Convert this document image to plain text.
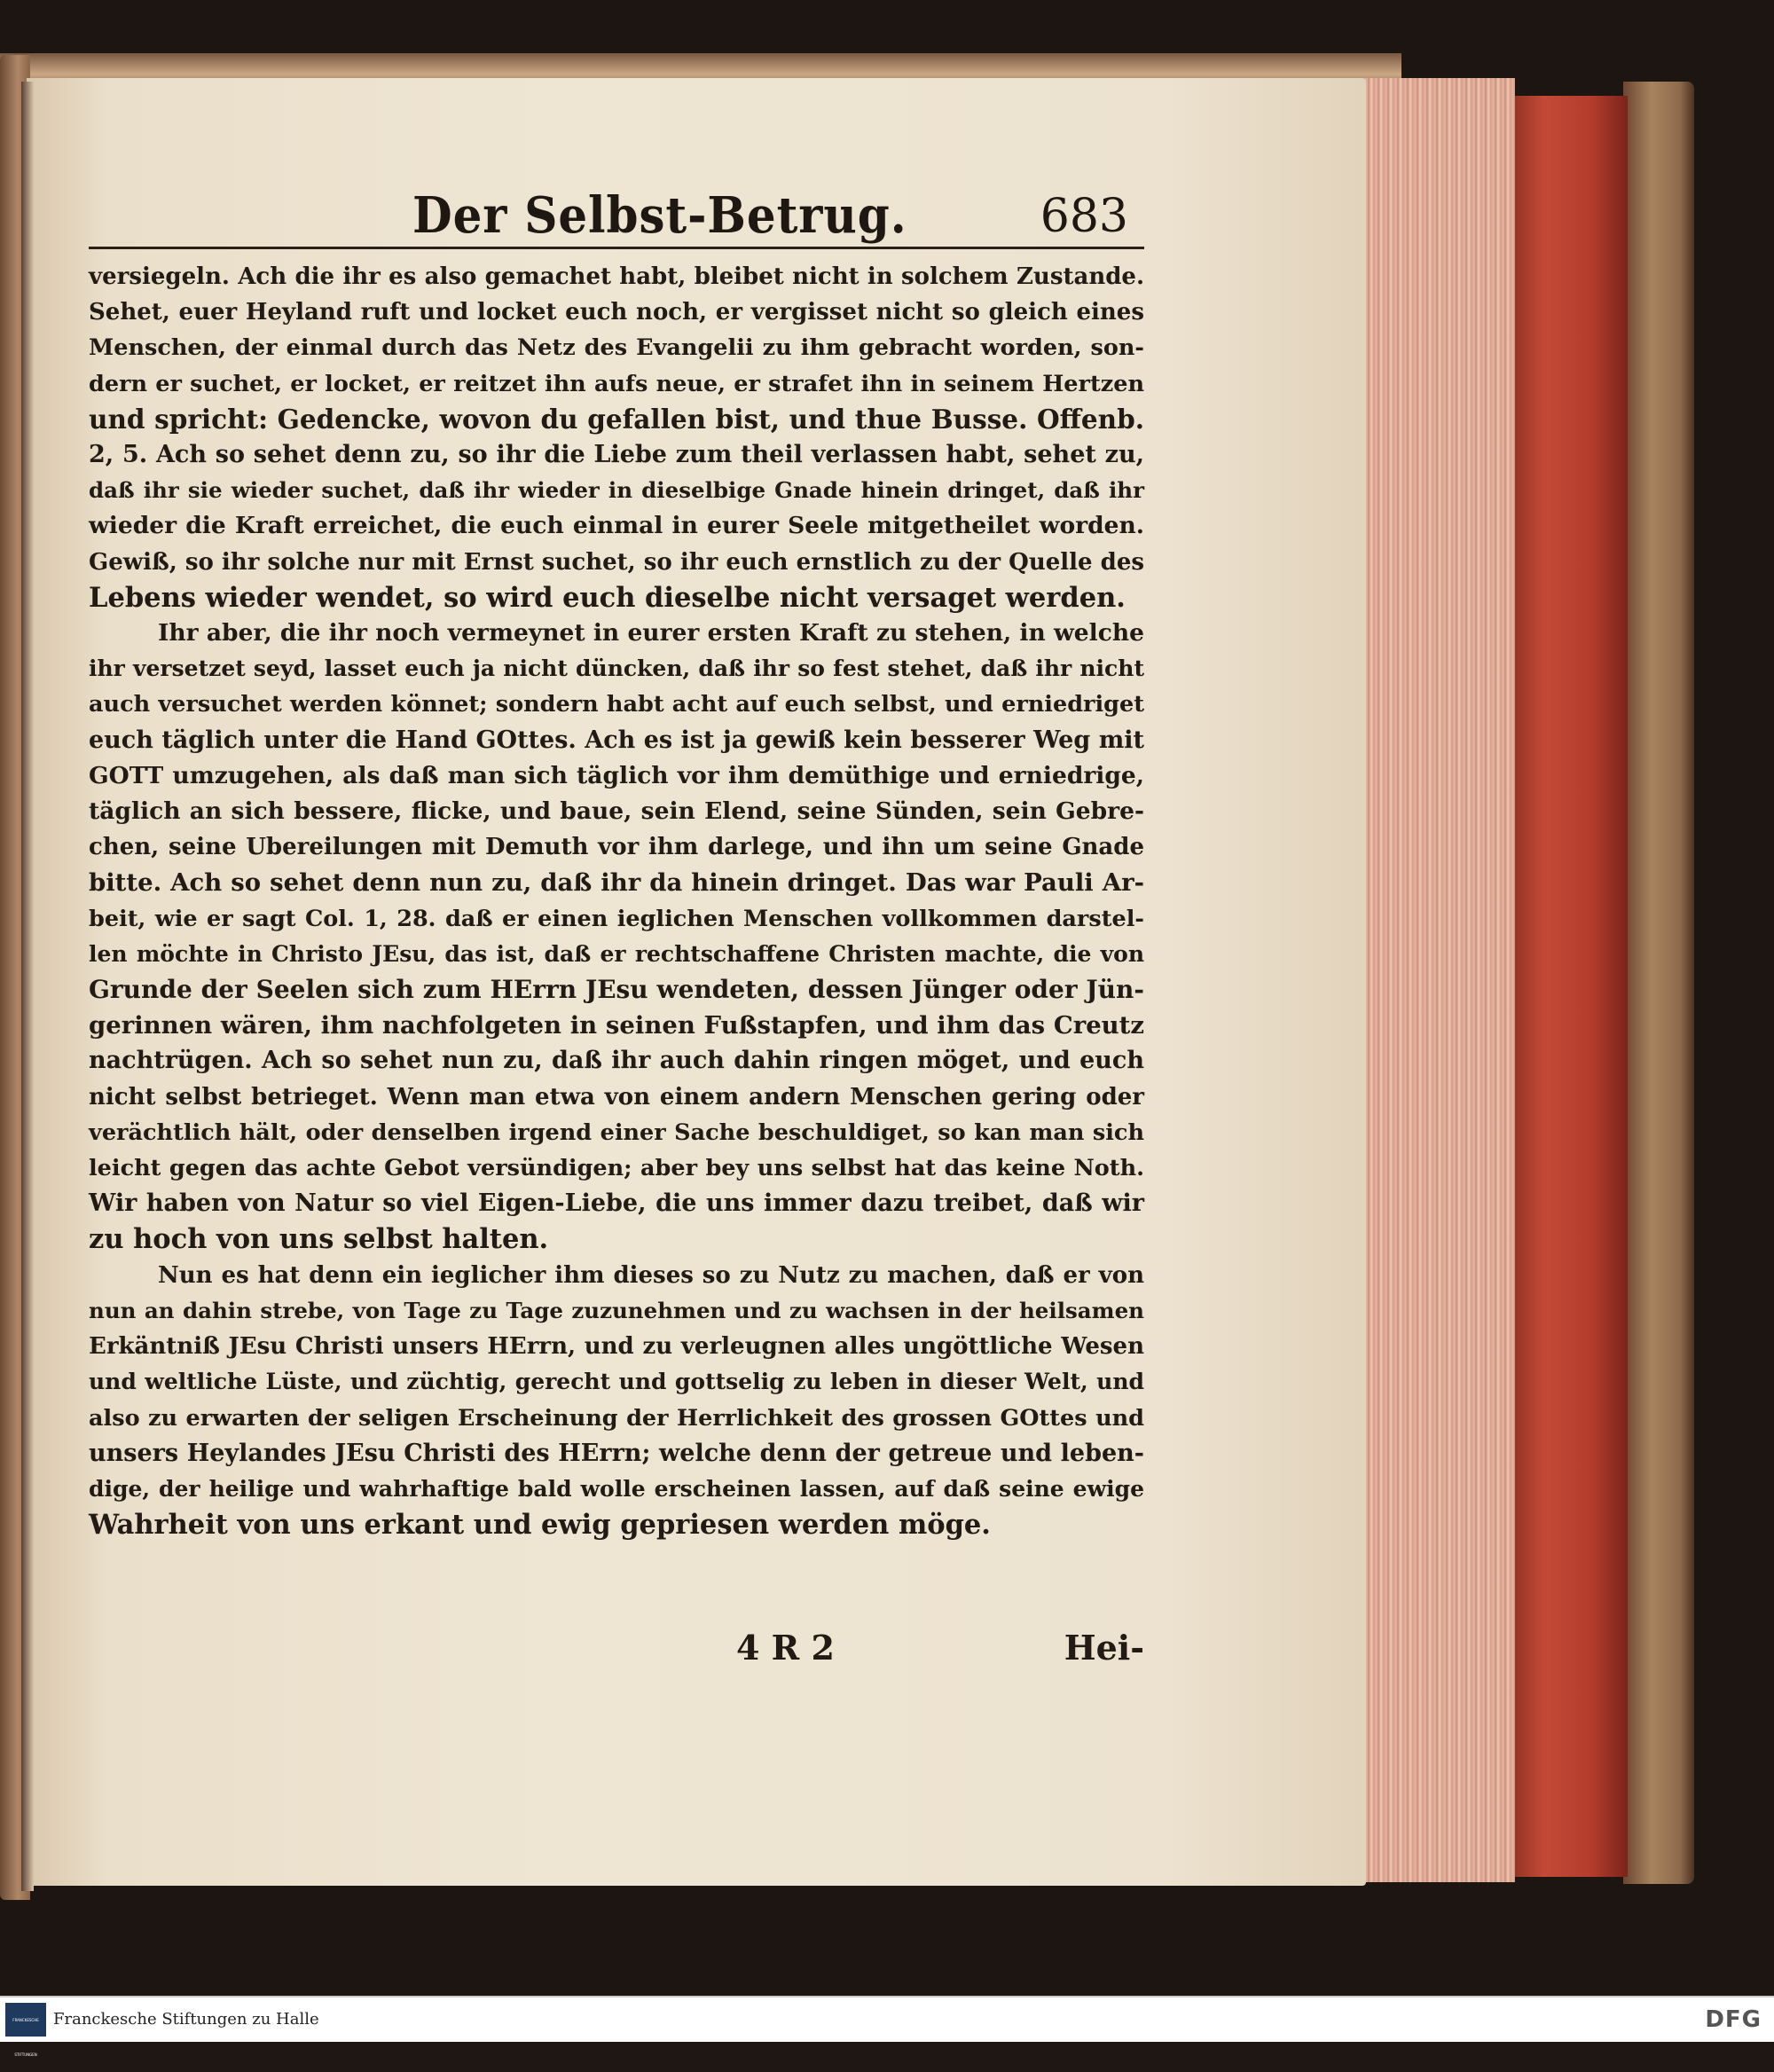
Der Selbst-Betrug.	683
versiegeln. Ach die ihr es also gemachet habt, bleibet nicht in solchem Zustande.
Sehet, euer Heyland ruft und locket euch noch, er vergisset nicht so gleich eines
Menschen, der einmal durch das Netz des Evangelii zu ihm gebracht worden, son-
dern er suchet, er locket, er reitzet ihn aufs neue, er strafet ihn in seinem Hertzen
und spricht: Gedencke, wovon du gefallen bist, und thue Busse. Offenb.
2, 5. Ach so sehet denn zu, so ihr die Liebe zum theil verlassen habt, sehet zu,
daß ihr sie wieder suchet, daß ihr wieder in dieselbige Gnade hinein dringet, daß ihr
wieder die Kraft erreichet, die euch einmal in eurer Seele mitgetheilet worden.
Gewiß, so ihr solche nur mit Ernst suchet, so ihr euch ernstlich zu der Quelle des
Lebens wieder wendet, so wird euch dieselbe nicht versaget werden.
Ihr aber, die ihr noch vermeynet in eurer ersten Kraft zu stehen, in welche
ihr versetzet seyd, lasset euch ja nicht düncken, daß ihr so fest stehet, daß ihr nicht
auch versuchet werden könnet; sondern habt acht auf euch selbst, und erniedriget
euch täglich unter die Hand GOttes. Ach es ist ja gewiß kein besserer Weg mit
GOTT umzugehen, als daß man sich täglich vor ihm demüthige und erniedrige,
täglich an sich bessere, flicke, und baue, sein Elend, seine Sünden, sein Gebre-
chen, seine Ubereilungen mit Demuth vor ihm darlege, und ihn um seine Gnade
bitte. Ach so sehet denn nun zu, daß ihr da hinein dringet. Das war Pauli Ar-
beit, wie er sagt Col. 1, 28. daß er einen ieglichen Menschen vollkommen darstel-
len möchte in Christo JEsu, das ist, daß er rechtschaffene Christen machte, die von
Grunde der Seelen sich zum HErrn JEsu wendeten, dessen Jünger oder Jün-
gerinnen wären, ihm nachfolgeten in seinen Fußstapfen, und ihm das Creutz
nachtrügen. Ach so sehet nun zu, daß ihr auch dahin ringen möget, und euch
nicht selbst betrieget. Wenn man etwa von einem andern Menschen gering oder
verächtlich hält, oder denselben irgend einer Sache beschuldiget, so kan man sich
leicht gegen das achte Gebot versündigen; aber bey uns selbst hat das keine Noth.
Wir haben von Natur so viel Eigen-Liebe, die uns immer dazu treibet, daß wir
zu hoch von uns selbst halten.
Nun es hat denn ein ieglicher ihm dieses so zu Nutz zu machen, daß er von
nun an dahin strebe, von Tage zu Tage zuzunehmen und zu wachsen in der heilsamen
Erkäntniß JEsu Christi unsers HErrn, und zu verleugnen alles ungöttliche Wesen
und weltliche Lüste, und züchtig, gerecht und gottselig zu leben in dieser Welt, und
also zu erwarten der seligen Erscheinung der Herrlichkeit des grossen GOttes und
unsers Heylandes JEsu Christi des HErrn; welche denn der getreue und leben-
dige, der heilige und wahrhaftige bald wolle erscheinen lassen, auf daß seine ewige
Wahrheit von uns erkant und ewig gepriesen werden möge.
4 R 2	Hei-
FRANCKESCHE STIFTUNGEN
Franckesche Stiftungen zu Halle	DFG
